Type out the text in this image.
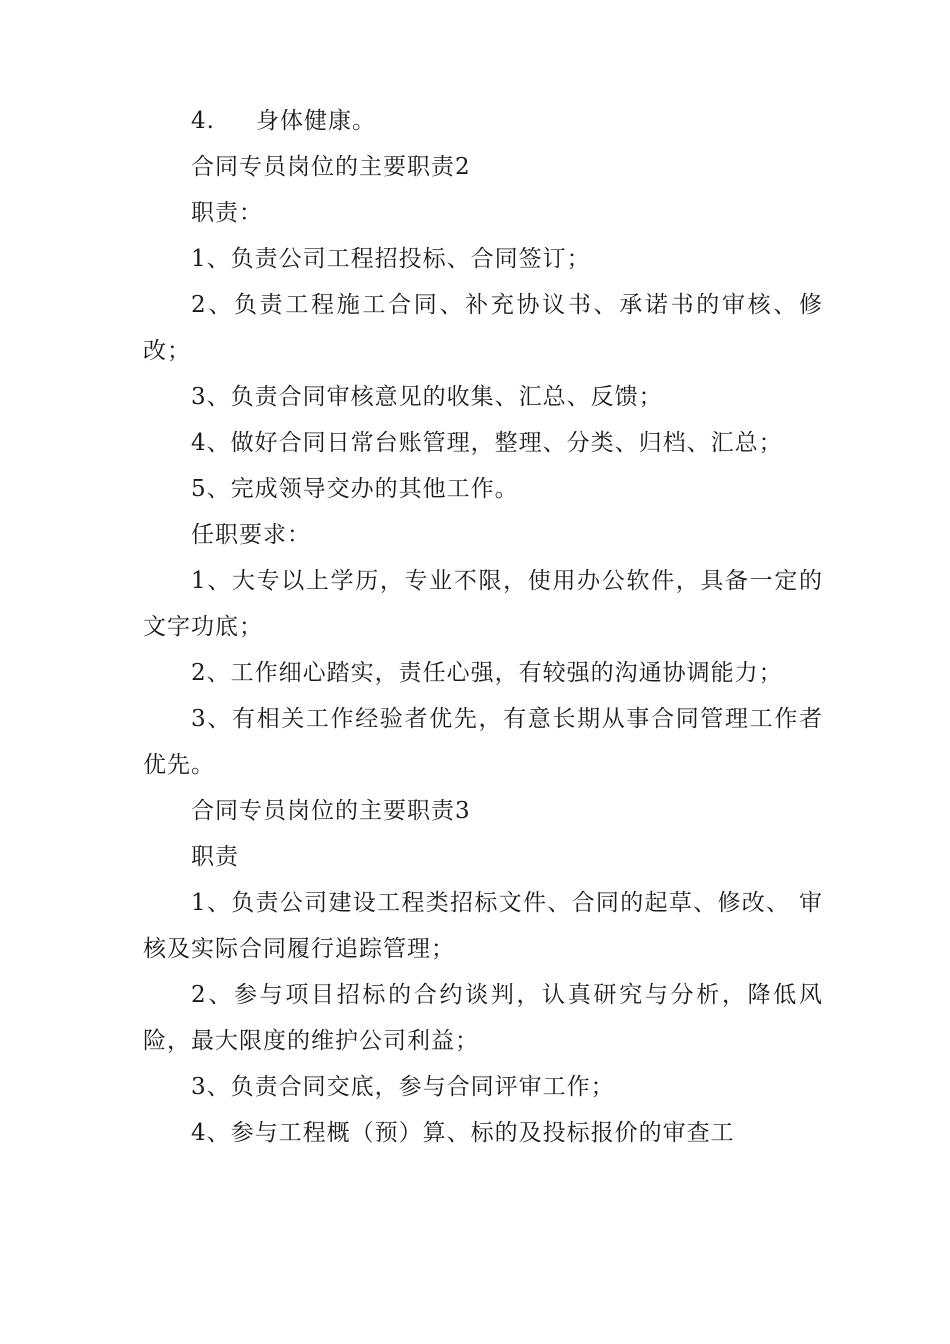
4. 身体健康。

合同专员岗位的主要职责2

职责：

1、负责公司工程招投标、合同签订；

2、负责工程施工合同、补充协议书、承诺书的审核、修改；

3、负责合同审核意见的收集、汇总、反馈；

4、做好合同日常台账管理，整理、分类、归档、汇总；

5、完成领导交办的其他工作。

任职要求：

1、大专以上学历，专业不限，使用办公软件，具备一定的文字功底；

2、工作细心踏实，责任心强，有较强的沟通协调能力；

3、有相关工作经验者优先，有意长期从事合同管理工作者优先。

合同专员岗位的主要职责3

职责

1、负责公司建设工程类招标文件、合同的起草、修改、 审核及实际合同履行追踪管理；

2、参与项目招标的合约谈判，认真研究与分析，降低风险，最大限度的维护公司利益；

3、负责合同交底，参与合同评审工作；

4、参与工程概（预）算、标的及投标报价的审查工
